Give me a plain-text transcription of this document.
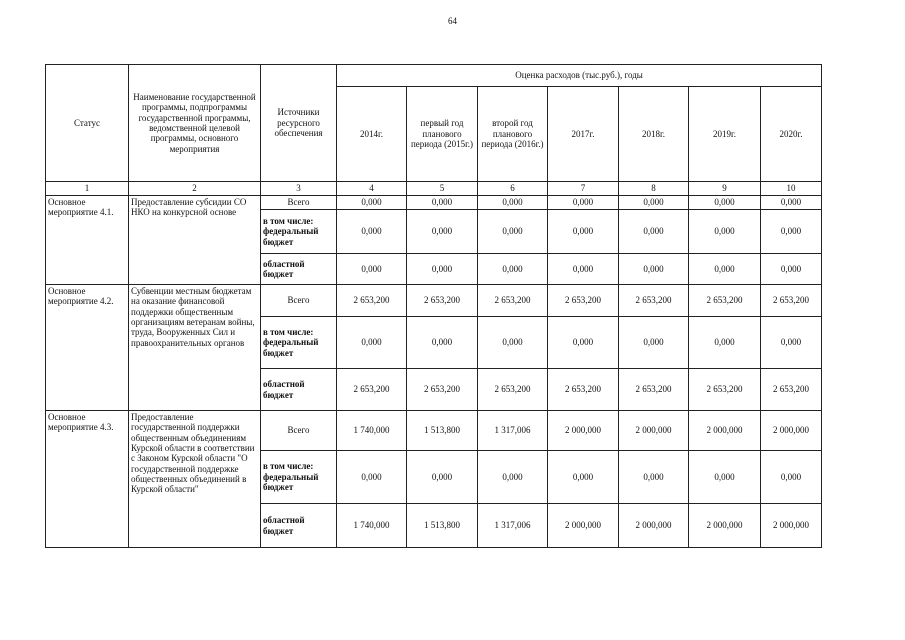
64
Статус	Наименование государственной программы, подпрограммы государственной программы, ведомственной целевой программы, основного мероприятия	Источники ресурсного обеспечения	Оценка расходов (тыс.руб.), годы						
			2014г.	первый год планового периода (2015г.)	второй год планового периода (2016г.)	2017г.	2018г.	2019г.	2020г.
1	2	3	4	5	6	7	8	9	10
Основное мероприятие 4.1.	Предоставление субсидии СО НКО на конкурсной основе	Всего	0,000	0,000	0,000	0,000	0,000	0,000	0,000
		в том числе: федеральный бюджет	0,000	0,000	0,000	0,000	0,000	0,000	0,000
		областной бюджет	0,000	0,000	0,000	0,000	0,000	0,000	0,000
Основное мероприятие 4.2.	Субвенции местным бюджетам на оказание финансовой поддержки общественным организациям ветеранам войны, труда, Вооруженных Сил и правоохранительных органов	Всего	2 653,200	2 653,200	2 653,200	2 653,200	2 653,200	2 653,200	2 653,200
		в том числе: федеральный бюджет	0,000	0,000	0,000	0,000	0,000	0,000	0,000
		областной бюджет	2 653,200	2 653,200	2 653,200	2 653,200	2 653,200	2 653,200	2 653,200
Основное мероприятие 4.3.	Предоставление государственной поддержки общественным объединениям Курской области в соответствии с Законом Курской области "О государственной поддержке общественных объединений в Курской области"	Всего	1 740,000	1 513,800	1 317,006	2 000,000	2 000,000	2 000,000	2 000,000
		в том числе: федеральный бюджет	0,000	0,000	0,000	0,000	0,000	0,000	0,000
		областной бюджет	1 740,000	1 513,800	1 317,006	2 000,000	2 000,000	2 000,000	2 000,000
